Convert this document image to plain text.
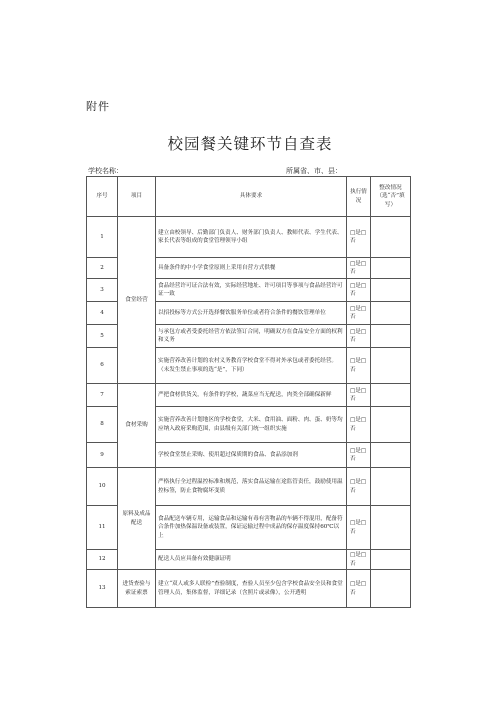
附件
校园餐关键环节自查表
学校名称：	所属省、市、县：
序号	项目	具体要求	执行情况	整改情况（选“否”填写）
1	食堂经营	建立由校领导、后勤部门负责人、财务部门负责人、教师代表、学生代表、家长代表等组成的食堂管理领导小组	□是□否	
2		具备条件的中小学食堂原则上采用自营方式供餐	□是□否	
3		食品经营许可证合法有效，实际经营地址、许可项目等事项与食品经营许可证一致	□是□否	
4		以招投标等方式公开选择餐饮服务单位或者符合条件的餐饮管理单位	□是□否	
5		与承包方或者受委托经营方依法签订合同，明确双方在食品安全方面的权利和义务	□是□否	
6		实施营养改善计划的农村义务教育学校食堂不得对外承包或者委托经营。（未发生禁止事项的选“是”，下同）	□是□否	
7	食材采购	严把食材供货关，有条件的学校，蔬菜应当无配送，肉类全部确保新鲜	□是□否	
8		实施营养改善计划地区的学校食堂，大米、食用油、面粉、肉、蛋、奶等均应纳入政府采购范围，由县级有关部门统一组织实施	□是□否	
9		学校食堂禁止采购、使用超过保质期的食品、食品添加剂	□是□否	
10	原料及成品配送	严格执行全过程温控标准和规范，落实食品运输在途监管责任，鼓励使用温控标签，防止食物腐坏变质	□是□否	
11		食品配送车辆专用，运输食品和运输有毒有害物品的车辆不得混用，配备符合条件加热保温设备或装置，保证运输过程中成品的保存温度保持60℃以上	□是□否	
12		配送人员应具备有效健康证明	□是□否	
13	进货查验与索证索票	建立“双人或多人联检”查验制度，查验人员至少包含学校食品安全员和食堂管理人员，集体监督，详细记录（含照片或录像），公开透明	□是□否	
